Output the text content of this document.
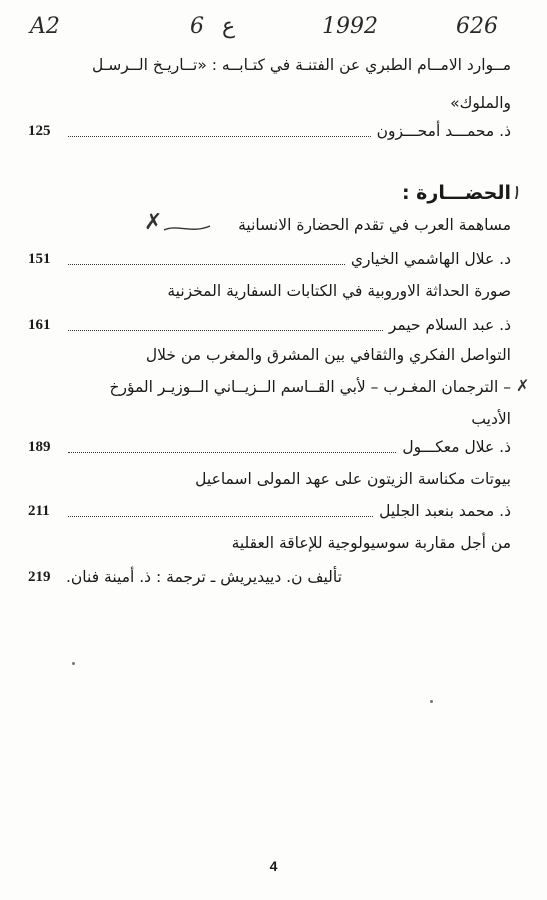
A2	6 ع	1992	626
مــوارد الامــام الطبري عن الفتنـة في كتـابــه : «تــاريـخ الــرسـل
والملوك»
125	ذ. محمـــد أمحـــزون
الحضـــارة : ١
مساهمة العرب في تقدم الحضارة الانسانية
✗
151	د. علال الهاشمي الخياري
صورة الحداثة الاوروبية في الكتابات السفارية المخزنية
161	ذ. عبد السلام حيمر
التواصل الفكري والثقافي بين المشرق والمغرب من خلال
– الترجمان المغـرب – لأبي القــاسم الــزيــاني الــوزيـر المؤرخ ✗
الأديب
189	ذ. علال معكـــول
بيوتات مكناسة الزيتون على عهد المولى اسماعيل
211	ذ. محمد بنعبد الجليل
من أجل مقاربة سوسيولوجية للإعاقة العقلية
219	تأليف ن. دييديريش ـ ترجمة : ذ. أمينة فنان.
4
